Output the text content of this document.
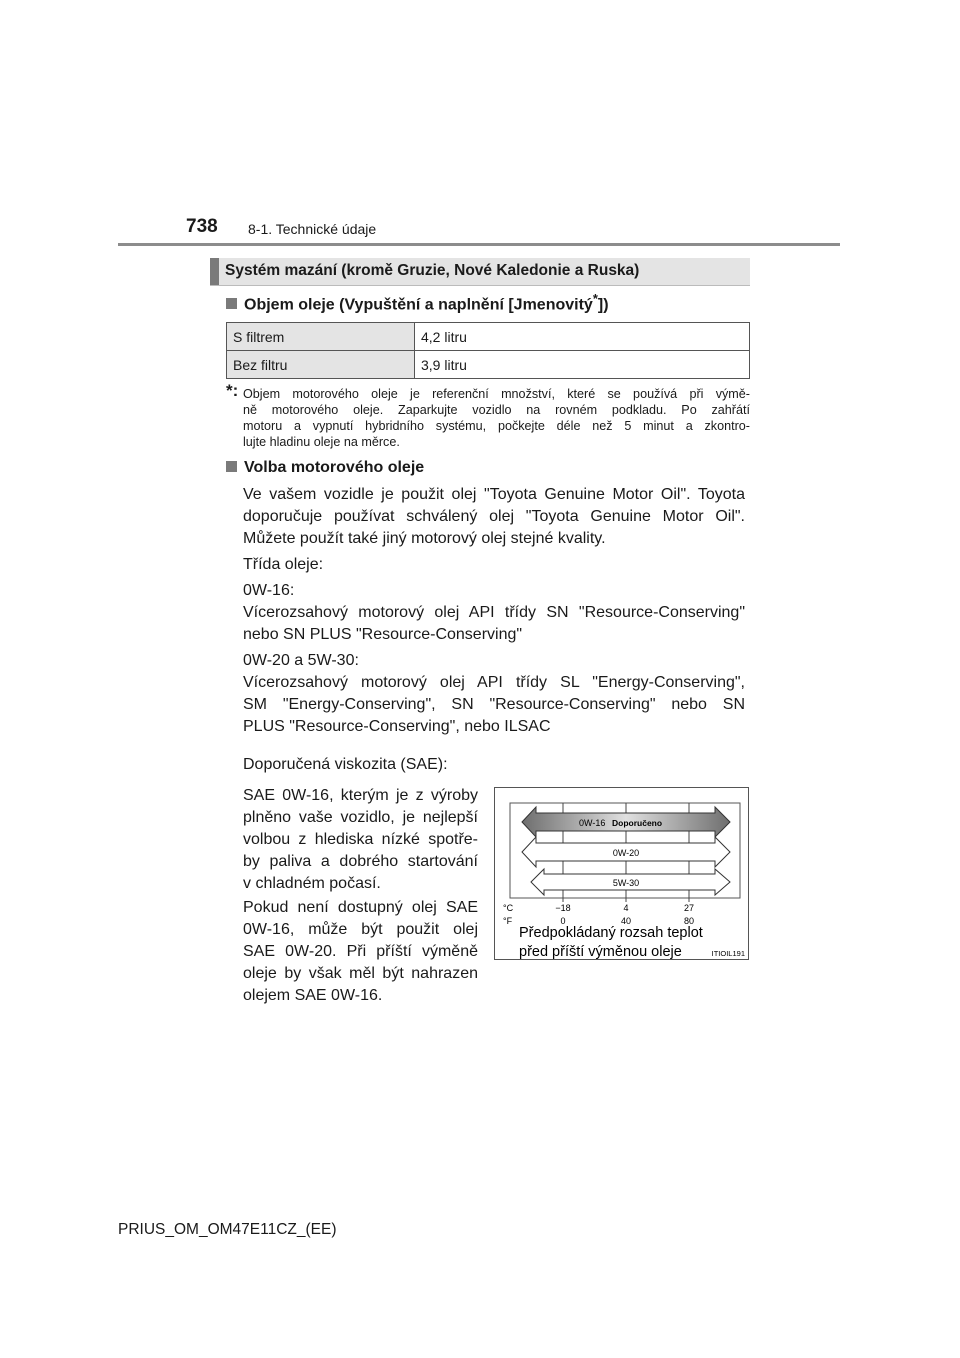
738 8-1. Technické údaje
Systém mazání (kromě Gruzie, Nové Kaledonie a Ruska)
Objem oleje (Vypuštění a naplnění [Jmenovitý*])
S filtrem	4,2 litru
Bez filtru	3,9 litru
*: Objem motorového oleje je referenční množství, které se používá při výmě-
ně motorového oleje. Zaparkujte vozidlo na rovném podkladu. Po zahřátí
motoru a vypnutí hybridního systému, počkejte déle než 5 minut a zkontro-
lujte hladinu oleje na měrce.
Volba motorového oleje
Ve vašem vozidle je použit olej "Toyota Genuine Motor Oil". Toyota
doporučuje používat schválený olej "Toyota Genuine Motor Oil".
Můžete použít také jiný motorový olej stejné kvality.
Třída oleje:
0W-16:
Vícerozsahový motorový olej API třídy SN "Resource-Conserving"
nebo SN PLUS "Resource-Conserving"
0W-20 a 5W-30:
Vícerozsahový motorový olej API třídy SL "Energy-Conserving",
SM "Energy-Conserving", SN "Resource-Conserving" nebo SN
PLUS "Resource-Conserving", nebo ILSAC
Doporučená viskozita (SAE):
SAE 0W-16, kterým je z výroby
plněno vaše vozidlo, je nejlepší
volbou z hlediska nízké spotře-
by paliva a dobrého startování
v chladném počasí.
Pokud není dostupný olej SAE
0W-16, může být použit olej
SAE 0W-20. Při příští výměně
oleje by však měl být nahrazen
olejem SAE 0W-16.
0W-16 Doporučeno
0W-20
5W-30
°C
°F
−18	4	27
0	40	80
Předpokládaný rozsah teplot
před příští výměnou oleje	ITIOIL191
PRIUS_OM_OM47E11CZ_(EE)
